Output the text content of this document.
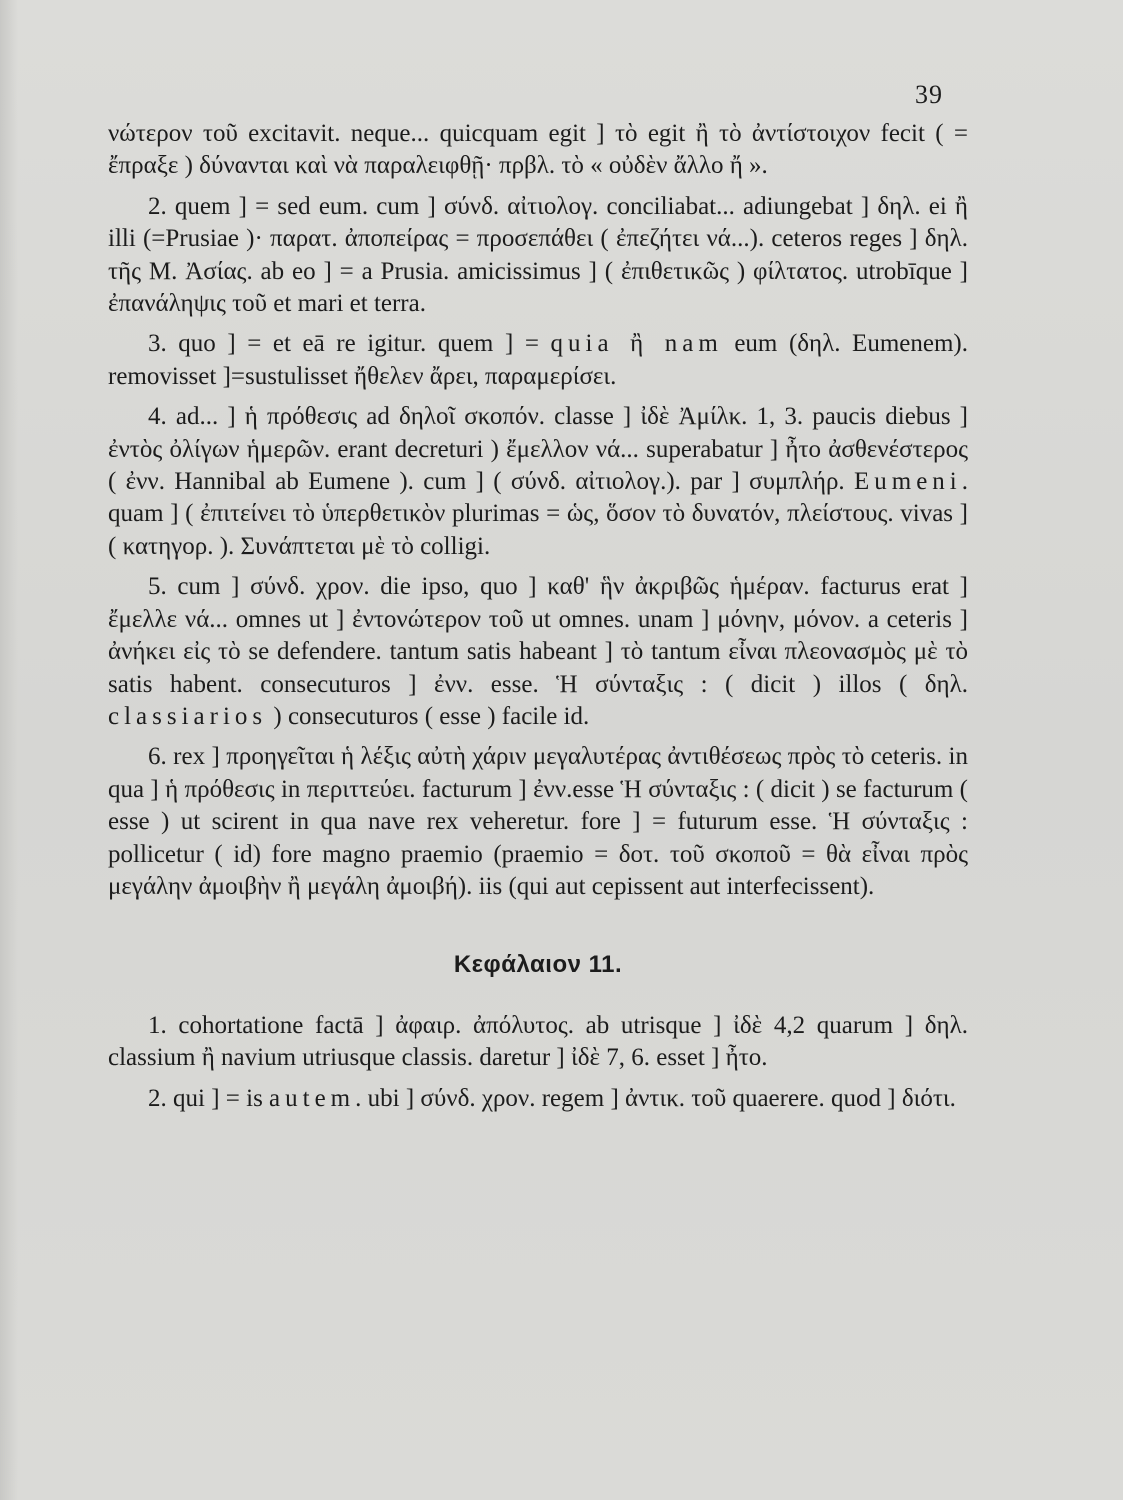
39

νώτερον τοῦ excitavit. neque... quicquam egit ] τὸ egit ἢ τὸ ἀντίστοιχον fecit ( = ἔπραξε ) δύνανται καὶ νὰ παραλειφθῇ· πρβλ. τὸ « οὐδὲν ἄλλο ἤ ».

2. quem ] = sed eum. cum ] σύνδ. αἰτιολογ. conciliabat... adiungebat ] δηλ. ei ἢ illi (=Prusiae )· παρατ. ἀποπείρας = προσεπάθει ( ἐπεζήτει νά...). ceteros reges ] δηλ. τῆς Μ. Ἀσίας. ab eo ] = a Prusia. amicissimus ] ( ἐπιθετικῶς ) φίλτατος. utrobīque ] ἐπανάληψις τοῦ et mari et terra.

3. quo ] = et eā re igitur. quem ] = quia ἢ nam eum (δηλ. Eumenem). removisset ]=sustulisset ἤθελεν ἄρει, παραμερίσει.

4. ad... ] ἡ πρόθεσις ad δηλοῖ σκοπόν. classe ] ἰδὲ Ἀμίλκ. 1, 3. paucis diebus ] ἐντὸς ὀλίγων ἡμερῶν. erant decreturi ) ἔμελλον νά... superabatur ] ἦτο ἀσθενέστερος ( ἐνν. Hannibal ab Eumene ). cum ] ( σύνδ. αἰτιολογ.). par ] συμπλήρ. Eumeni. quam ] ( ἐπιτείνει τὸ ὑπερθετικὸν plurimas = ὡς, ὅσον τὸ δυνατόν, πλείστους. vivas ] ( κατηγορ. ). Συνάπτεται μὲ τὸ colligi.

5. cum ] σύνδ. χρον. die ipso, quo ] καθ' ἣν ἀκριβῶς ἡμέραν. facturus erat ] ἔμελλε νά... omnes ut ] ἐντονώτερον τοῦ ut omnes. unam ] μόνην, μόνον. a ceteris ] ἀνήκει εἰς τὸ se defendere. tantum satis habeant ] τὸ tantum εἶναι πλεονασμὸς μὲ τὸ satis habent. consecuturos ] ἐνν. esse. Ἡ σύνταξις : ( dicit ) illos ( δηλ. classiarios ) consecuturos ( esse ) facile id.

6. rex ] προηγεῖται ἡ λέξις αὐτὴ χάριν μεγαλυτέρας ἀντιθέσεως πρὸς τὸ ceteris. in qua ] ἡ πρόθεσις in περιττεύει. facturum ] ἐνν.esse Ἡ σύνταξις : ( dicit ) se facturum ( esse ) ut scirent in qua nave rex veheretur. fore ] = futurum esse. Ἡ σύνταξις : pollicetur ( id) fore magno praemio (praemio = δοτ. τοῦ σκοποῦ = θὰ εἶναι πρὸς μεγάλην ἀμοιβὴν ἢ μεγάλη ἀμοιβή). iis (qui aut cepissent aut interfecissent).

Κεφάλαιον 11.

1. cohortatione factā ] ἀφαιρ. ἀπόλυτος. ab utrisque ] ἰδὲ 4,2 quarum ] δηλ. classium ἢ navium utriusque classis. daretur ] ἰδὲ 7, 6. esset ] ἦτο.

2. qui ] = is autem. ubi ] σύνδ. χρον. regem ] ἀντικ. τοῦ quaerere. quod ] διότι.
